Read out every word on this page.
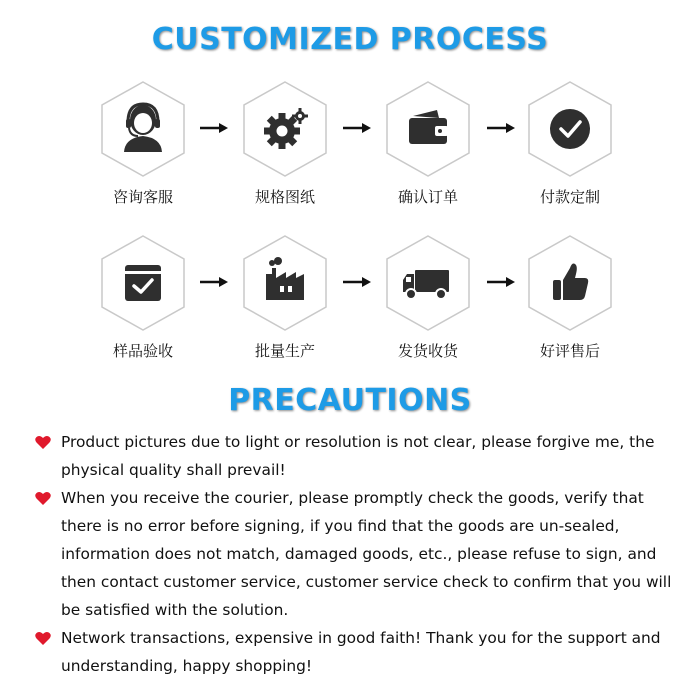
CUSTOMIZED PROCESS
咨询客服	规格图纸	确认订单	付款定制
样品验收	批量生产	发货收货	好评售后
PRECAUTIONS
Product pictures due to light or resolution is not clear, please forgive me, the physical quality shall prevail!
When you receive the courier, please promptly check the goods, verify that there is no error before signing, if you find that the goods are un-sealed, information does not match, damaged goods, etc., please refuse to sign, and then contact customer service, customer service check to confirm that you will be satisfied with the solution.
Network transactions, expensive in good faith! Thank you for the support and understanding, happy shopping!
